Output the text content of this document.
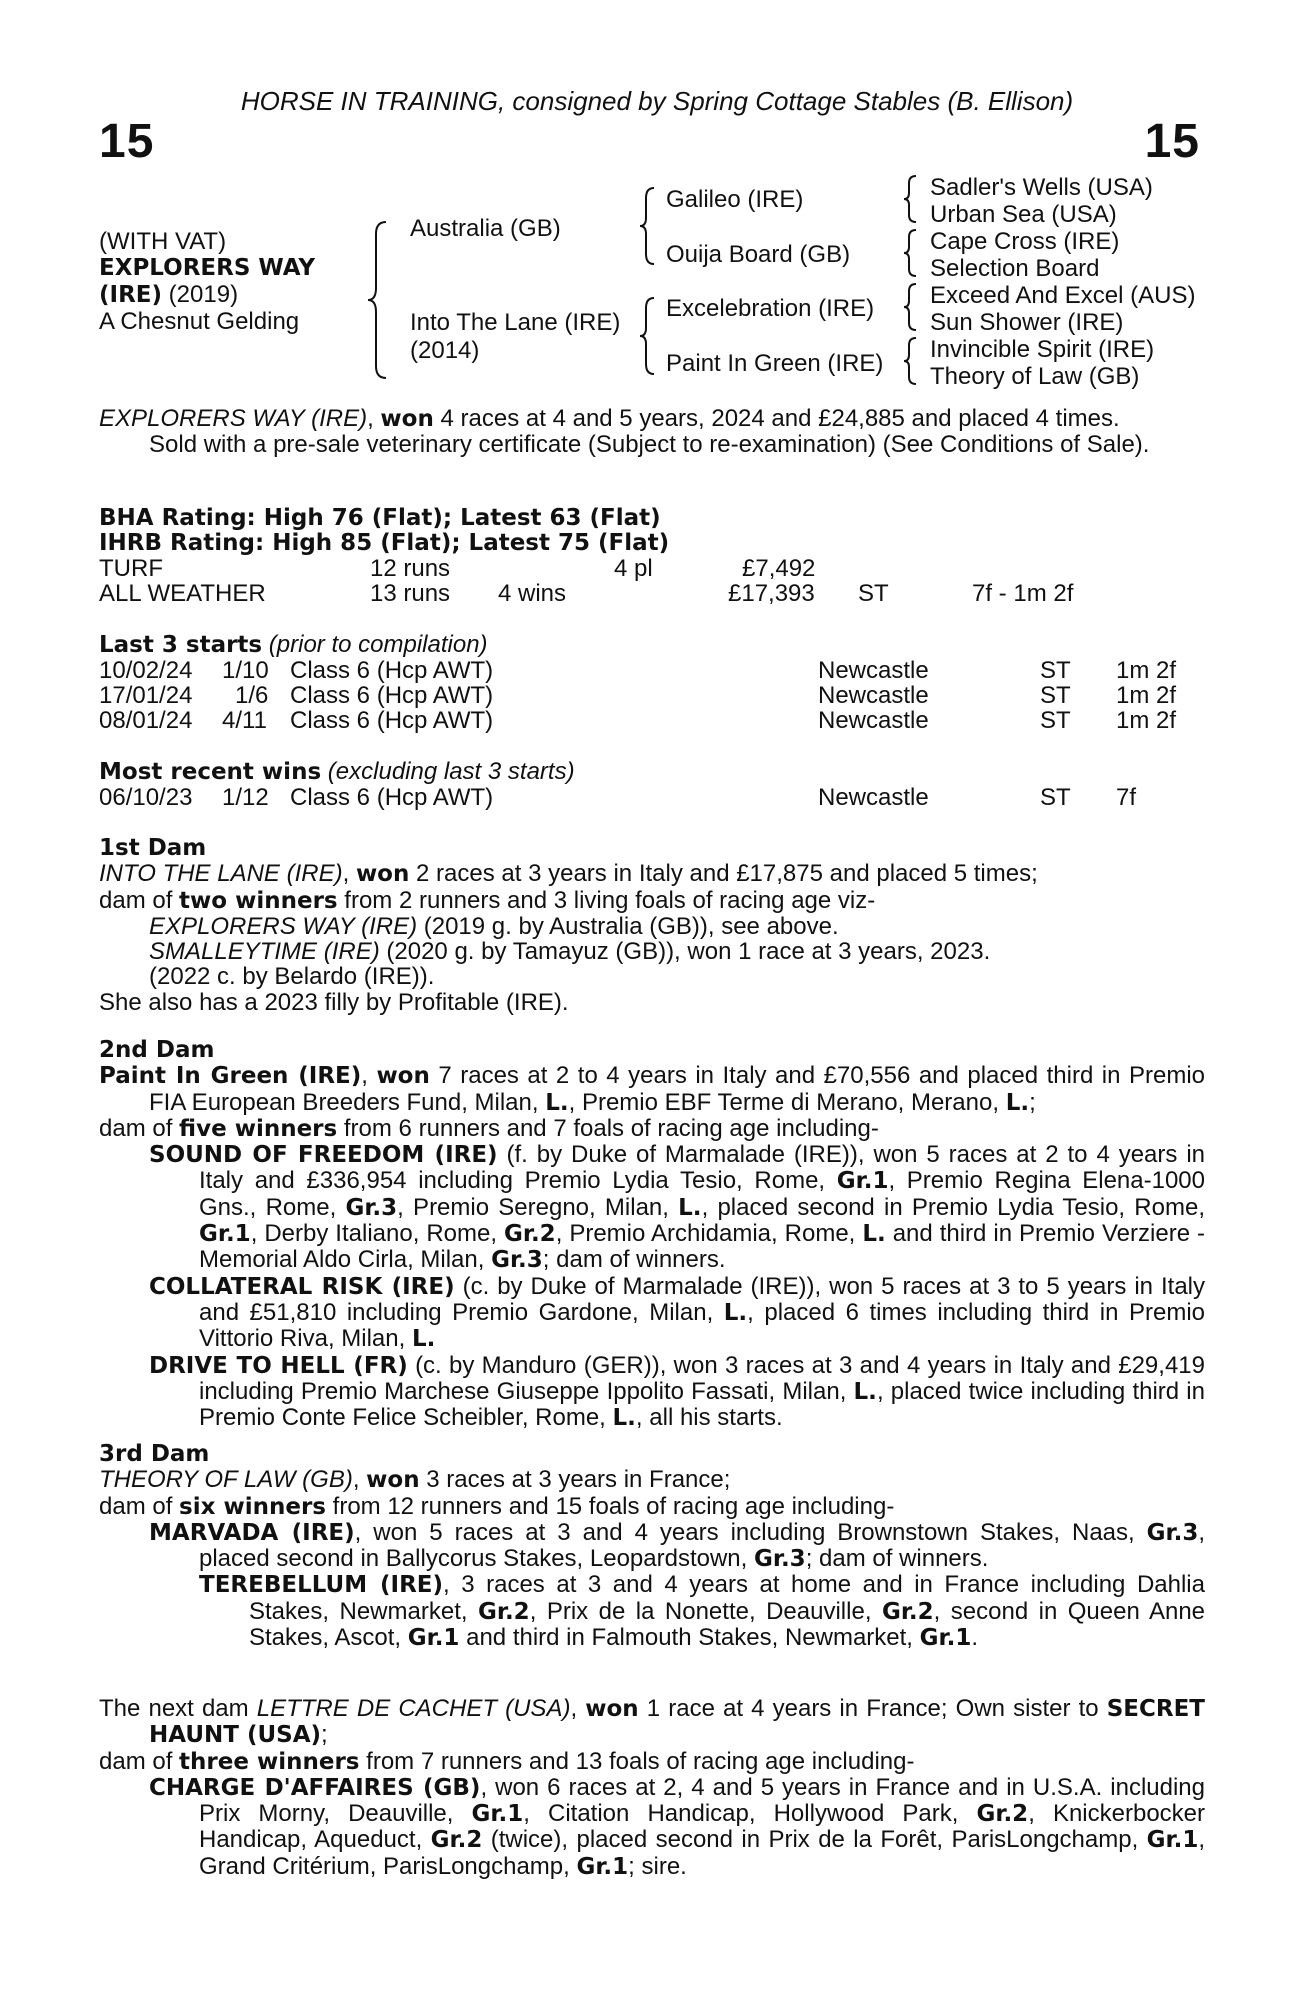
HORSE IN TRAINING, consigned by Spring Cottage Stables (B. Ellison)
15	15
(WITH VAT)
EXPLORERS WAY
(IRE) (2019)
A Chesnut Gelding
Australia (GB)
Into The Lane (IRE)
(2014)
Galileo (IRE)
Ouija Board (GB)
Excelebration (IRE)
Paint In Green (IRE)
Sadler's Wells (USA)
Urban Sea (USA)
Cape Cross (IRE)
Selection Board
Exceed And Excel (AUS)
Sun Shower (IRE)
Invincible Spirit (IRE)
Theory of Law (GB)

EXPLORERS WAY (IRE), won 4 races at 4 and 5 years, 2024 and £24,885 and placed 4 times.

Sold with a pre-sale veterinary certificate (Subject to re-examination) (See Conditions of Sale).

BHA Rating: High 76 (Flat); Latest 63 (Flat)
IHRB Rating: High 85 (Flat); Latest 75 (Flat)
TURF	12 runs	4 pl	£7,492
ALL WEATHER	13 runs 4 wins	£17,393 ST	7f - 1m 2f
Last 3 starts (prior to compilation)
10/02/24 1/10 Class 6 (Hcp AWT)	Newcastle	ST 1m 2f
17/01/24 1/6 Class 6 (Hcp AWT)	Newcastle	ST 1m 2f
08/01/24 4/11 Class 6 (Hcp AWT)	Newcastle	ST 1m 2f
Most recent wins (excluding last 3 starts)
06/10/23 1/12 Class 6 (Hcp AWT)	Newcastle	ST 7f

1st Dam

INTO THE LANE (IRE), won 2 races at 3 years in Italy and £17,875 and placed 5 times;

dam of two winners from 2 runners and 3 living foals of racing age viz-

EXPLORERS WAY (IRE) (2019 g. by Australia (GB)), see above.

SMALLEYTIME (IRE) (2020 g. by Tamayuz (GB)), won 1 race at 3 years, 2023.

(2022 c. by Belardo (IRE)).

She also has a 2023 filly by Profitable (IRE).

2nd Dam

Paint In Green (IRE), won 7 races at 2 to 4 years in Italy and £70,556 and placed third in Premio FIA European Breeders Fund, Milan, L., Premio EBF Terme di Merano, Merano, L.;

dam of five winners from 6 runners and 7 foals of racing age including-

SOUND OF FREEDOM (IRE) (f. by Duke of Marmalade (IRE)), won 5 races at 2 to 4 years in Italy and £336,954 including Premio Lydia Tesio, Rome, Gr.1, Premio Regina Elena-1000 Gns., Rome, Gr.3, Premio Seregno, Milan, L., placed second in Premio Lydia Tesio, Rome, Gr.1, Derby Italiano, Rome, Gr.2, Premio Archidamia, Rome, L. and third in Premio Verziere - Memorial Aldo Cirla, Milan, Gr.3; dam of winners.

COLLATERAL RISK (IRE) (c. by Duke of Marmalade (IRE)), won 5 races at 3 to 5 years in Italy and £51,810 including Premio Gardone, Milan, L., placed 6 times including third in Premio Vittorio Riva, Milan, L.

DRIVE TO HELL (FR) (c. by Manduro (GER)), won 3 races at 3 and 4 years in Italy and £29,419 including Premio Marchese Giuseppe Ippolito Fassati, Milan, L., placed twice including third in Premio Conte Felice Scheibler, Rome, L., all his starts.

3rd Dam

THEORY OF LAW (GB), won 3 races at 3 years in France;

dam of six winners from 12 runners and 15 foals of racing age including-

MARVADA (IRE), won 5 races at 3 and 4 years including Brownstown Stakes, Naas, Gr.3, placed second in Ballycorus Stakes, Leopardstown, Gr.3; dam of winners.

TEREBELLUM (IRE), 3 races at 3 and 4 years at home and in France including Dahlia Stakes, Newmarket, Gr.2, Prix de la Nonette, Deauville, Gr.2, second in Queen Anne Stakes, Ascot, Gr.1 and third in Falmouth Stakes, Newmarket, Gr.1.

The next dam LETTRE DE CACHET (USA), won 1 race at 4 years in France; Own sister to SECRET HAUNT (USA);

dam of three winners from 7 runners and 13 foals of racing age including-

CHARGE D'AFFAIRES (GB), won 6 races at 2, 4 and 5 years in France and in U.S.A. including Prix Morny, Deauville, Gr.1, Citation Handicap, Hollywood Park, Gr.2, Knickerbocker Handicap, Aqueduct, Gr.2 (twice), placed second in Prix de la Forêt, ParisLongchamp, Gr.1, Grand Critérium, ParisLongchamp, Gr.1; sire.
